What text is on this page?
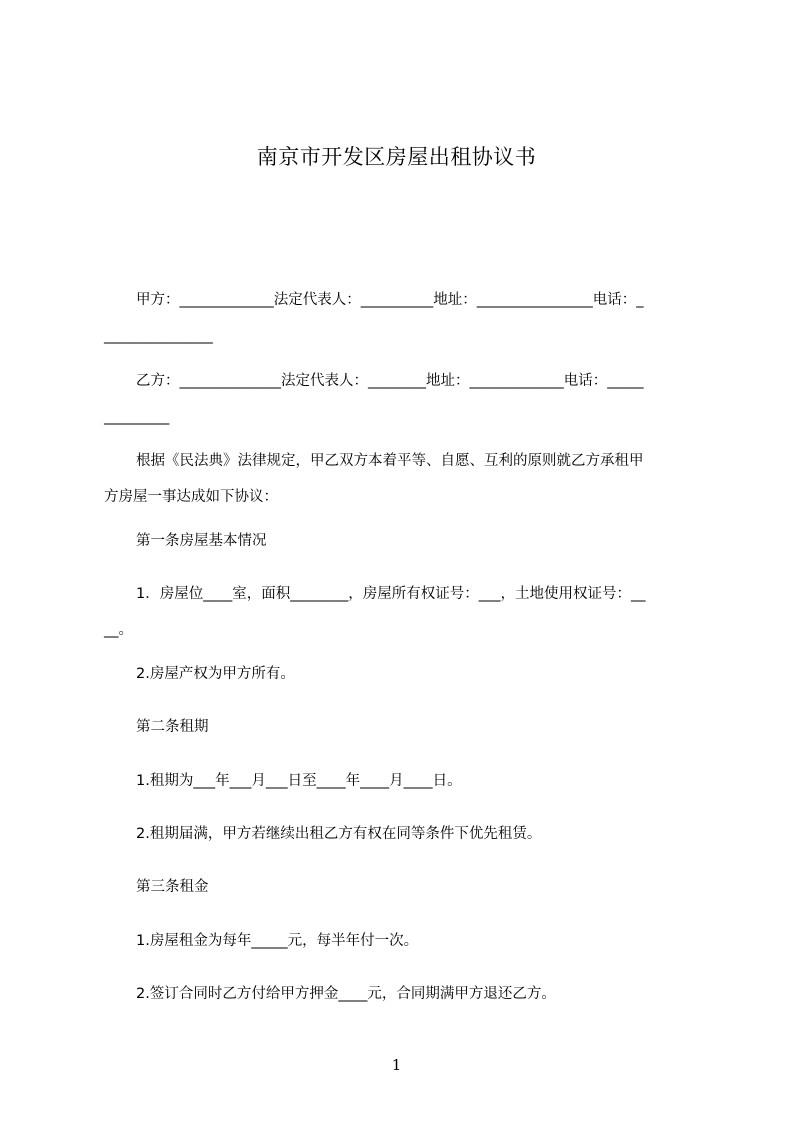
南京市开发区房屋出租协议书
甲方：_____________法定代表人：__________地址：________________电话：_
_______________
乙方：______________法定代表人：________地址：_____________电话：_____
_________
根据《民法典》法律规定，甲乙双方本着平等、自愿、互利的原则就乙方承租甲
方房屋一事达成如下协议：
第一条房屋基本情况
1．房屋位____室，面积________，房屋所有权证号：___，土地使用权证号：__
__。
2.房屋产权为甲方所有。
第二条租期
1.租期为___年___月___日至____年____月____日。
2.租期届满，甲方若继续出租乙方有权在同等条件下优先租赁。
第三条租金
1.房屋租金为每年_____元，每半年付一次。
2.签订合同时乙方付给甲方押金____元，合同期满甲方退还乙方。
1
